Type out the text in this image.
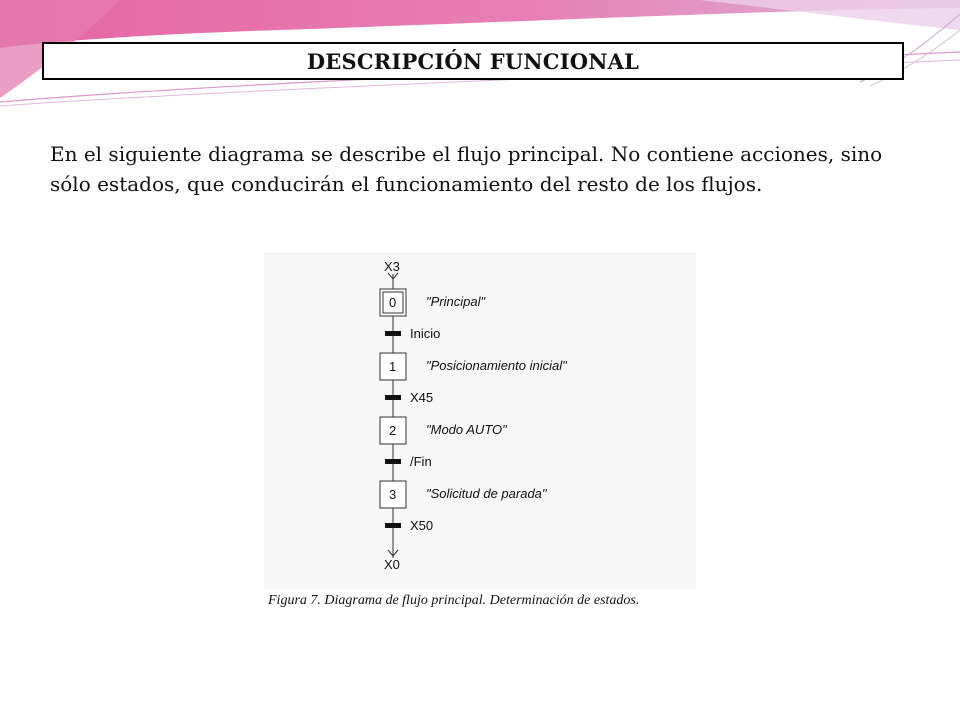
DESCRIPCIÓN FUNCIONAL
En el siguiente diagrama se describe el flujo principal. No contiene acciones, sino
sólo estados, que conducirán el funcionamiento del resto de los flujos.
X3
0 "Principal"
Inicio
1 "Posicionamiento inicial"
X45
2 "Modo AUTO"
/Fin
3 "Solicitud de parada"
X50
X0
Figura 7. Diagrama de flujo principal. Determinación de estados.
